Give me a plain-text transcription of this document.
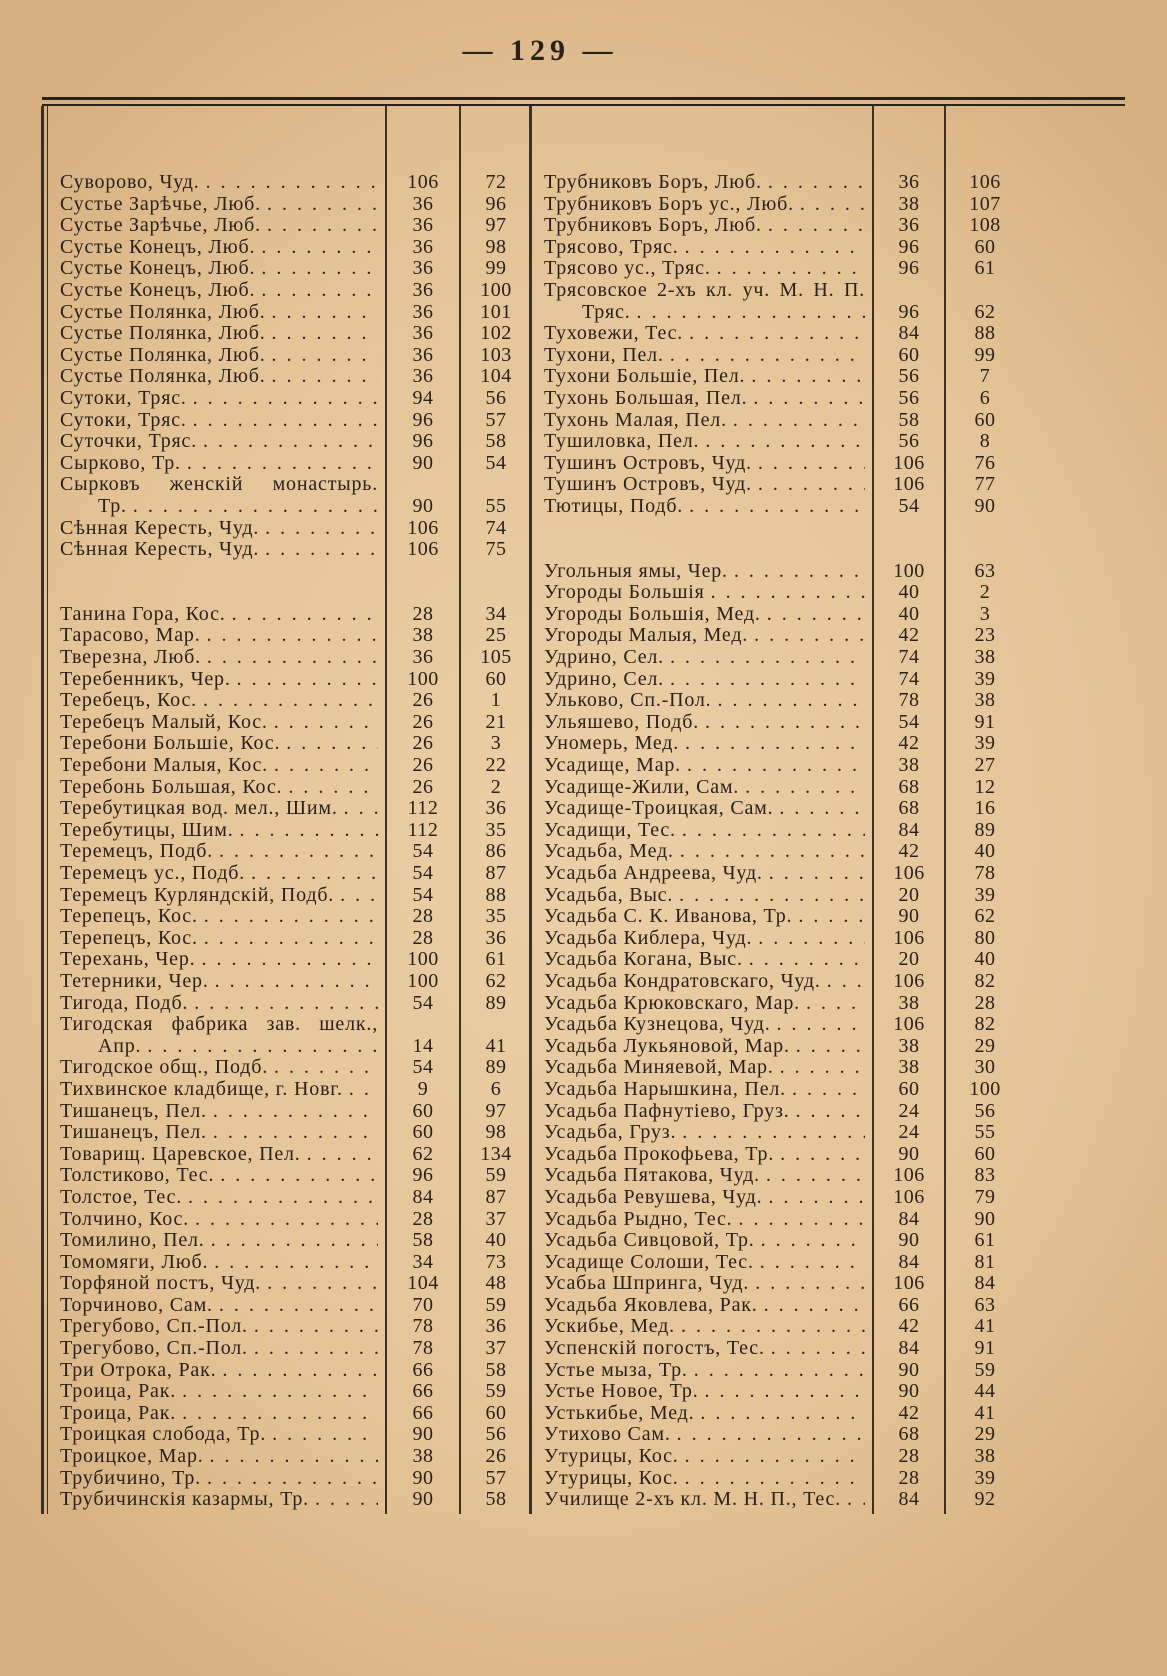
— 129 —
Суворово, Чуд. . . .	106	72
Сустье Зарѣчье, Люб. . . .	36	96
Сустье Зарѣчье, Люб. . . .	36	97
Сустье Конецъ, Люб. . . .	36	98
Сустье Конецъ, Люб. . . .	36	99
Сустье Конецъ, Люб. . . .	36	100
Сустье Полянка, Люб. . . .	36	101
Сустье Полянка, Люб. . . .	36	102
Сустье Полянка, Люб. . . .	36	103
Сустье Полянка, Люб. . . .	36	104
Сутоки, Тряс. . . .	94	56
Сутоки, Тряс. . . .	96	57
Суточки, Тряс. . . .	96	58
Сырково, Тр. . . .	90	54
Сырковъ женскій монастырь.
Тр. . . .	90	55
Сѣнная Кересть, Чуд. . . .	106	74
Сѣнная Кересть, Чуд. . . .	106	75
Танина Гора, Кос. . . .	28	34
Тарасово, Мар. . . .	38	25
Тверезна, Люб. . . .	36	105
Теребенникъ, Чер. . . .	100	60
Теребецъ, Кос. . . .	26	1
Теребецъ Малый, Кос. . . .	26	21
Теребони Большіе, Кос. . . .	26	3
Теребони Малыя, Кос. . . .	26	22
Теребонь Большая, Кос. . . .	26	2
Теребутицкая вод. мел., Шим. . . .	112	36
Теребутицы, Шим. . . .	112	35
Теремецъ, Подб. . . .	54	86
Теремецъ ус., Подб. . . .	54	87
Теремецъ Курляндскій, Подб. . . .	54	88
Терепецъ, Кос. . . .	28	35
Терепецъ, Кос. . . .	28	36
Терехань, Чер. . . .	100	61
Тетерники, Чер. . . .	100	62
Тигода, Подб. . . .	54	89
Тигодская фабрика зав. шелк.,
Апр. . . .	14	41
Тигодское общ., Подб. . . .	54	89
Тихвинское кладбище, г. Новг. . . .	9	6
Тишанецъ, Пел. . . .	60	97
Тишанецъ, Пел. . . .	60	98
Товарищ. Царевское, Пел. . . .	62	134
Толстиково, Тес. . . .	96	59
Толстое, Тес. . . .	84	87
Толчино, Кос. . . .	28	37
Томилино, Пел. . . .	58	40
Томомяги, Люб. . . .	34	73
Торфяной постъ, Чуд. . . .	104	48
Торчиново, Сам. . . .	70	59
Трегубово, Сп.-Пол. . . .	78	36
Трегубово, Сп.-Пол. . . .	78	37
Три Отрока, Рак. . . .	66	58
Троица, Рак. . . .	66	59
Троица, Рак. . . .	66	60
Троицкая слобода, Тр. . . .	90	56
Троицкое, Мар. . . .	38	26
Трубичино, Тр. . . .	90	57
Трубичинскія казармы, Тр. . . .	90	58
Трубниковъ Боръ, Люб. . . .	36	106
Трубниковъ Боръ ус., Люб. . . .	38	107
Трубниковъ Боръ, Люб. . . .	36	108
Трясово, Тряс. . . .	96	60
Трясово ус., Тряс. . . .	96	61
Трясовское 2-хъ кл. уч. М. Н. П.
Тряс. . . .	96	62
Туховежи, Тес. . . .	84	88
Тухони, Пел. . . .	60	99
Тухони Большіе, Пел. . . .	56	7
Тухонь Большая, Пел. . . .	56	6
Тухонь Малая, Пел. . . .	58	60
Тушиловка, Пел. . . .	56	8
Тушинъ Островъ, Чуд. . . .	106	76
Тушинъ Островъ, Чуд. . . .	106	77
Тютицы, Подб. . . .	54	90
Угольныя ямы, Чер. . . .	100	63
Угороды Большія . . .	40	2
Угороды Большія, Мед. . . .	40	3
Угороды Малыя, Мед. . . .	42	23
Удрино, Сел. . . .	74	38
Удрино, Сел. . . .	74	39
Ульково, Сп.-Пол. . . .	78	38
Ульяшево, Подб. . . .	54	91
Уномерь, Мед. . . .	42	39
Усадище, Мар. . . .	38	27
Усадище-Жили, Сам. . . .	68	12
Усадище-Троицкая, Сам. . . .	68	16
Усадищи, Тес. . . .	84	89
Усадьба, Мед. . . .	42	40
Усадьба Андреева, Чуд. . . .	106	78
Усадьба, Выс. . . .	20	39
Усадьба С. К. Иванова, Тр. . . .	90	62
Усадьба Киблера, Чуд. . . .	106	80
Усадьба Когана, Выс. . . .	20	40
Усадьба Кондратовскаго, Чуд. . . .	106	82
Усадьба Крюковскаго, Мар. . . .	38	28
Усадьба Кузнецова, Чуд. . . .	106	82
Усадьба Лукьяновой, Мар. . . .	38	29
Усадьба Миняевой, Мар. . . .	38	30
Усадьба Нарышкина, Пел. . . .	60	100
Усадьба Пафнутіево, Груз. . . .	24	56
Усадьба, Груз. . . .	24	55
Усадьба Прокофьева, Тр. . . .	90	60
Усадьба Пятакова, Чуд. . . .	106	83
Усадьба Ревушева, Чуд. . . .	106	79
Усадьба Рыдно, Тес. . . .	84	90
Усадьба Сивцовой, Тр. . . .	90	61
Усадище Солоши, Тес. . . .	84	81
Усабьа Шпринга, Чуд. . . .	106	84
Усадьба Яковлева, Рак. . . .	66	63
Ускибье, Мед. . . .	42	41
Успенскій погостъ, Тес. . . .	84	91
Устье мыза, Тр. . . .	90	59
Устье Новое, Тр. . . .	90	44
Устькибье, Мед. . . .	42	41
Утихово Сам. . . .	68	29
Утурицы, Кос. . . .	28	38
Утурицы, Кос. . . .	28	39
Училище 2-хъ кл. М. Н. П., Тес. . . .	84	92
